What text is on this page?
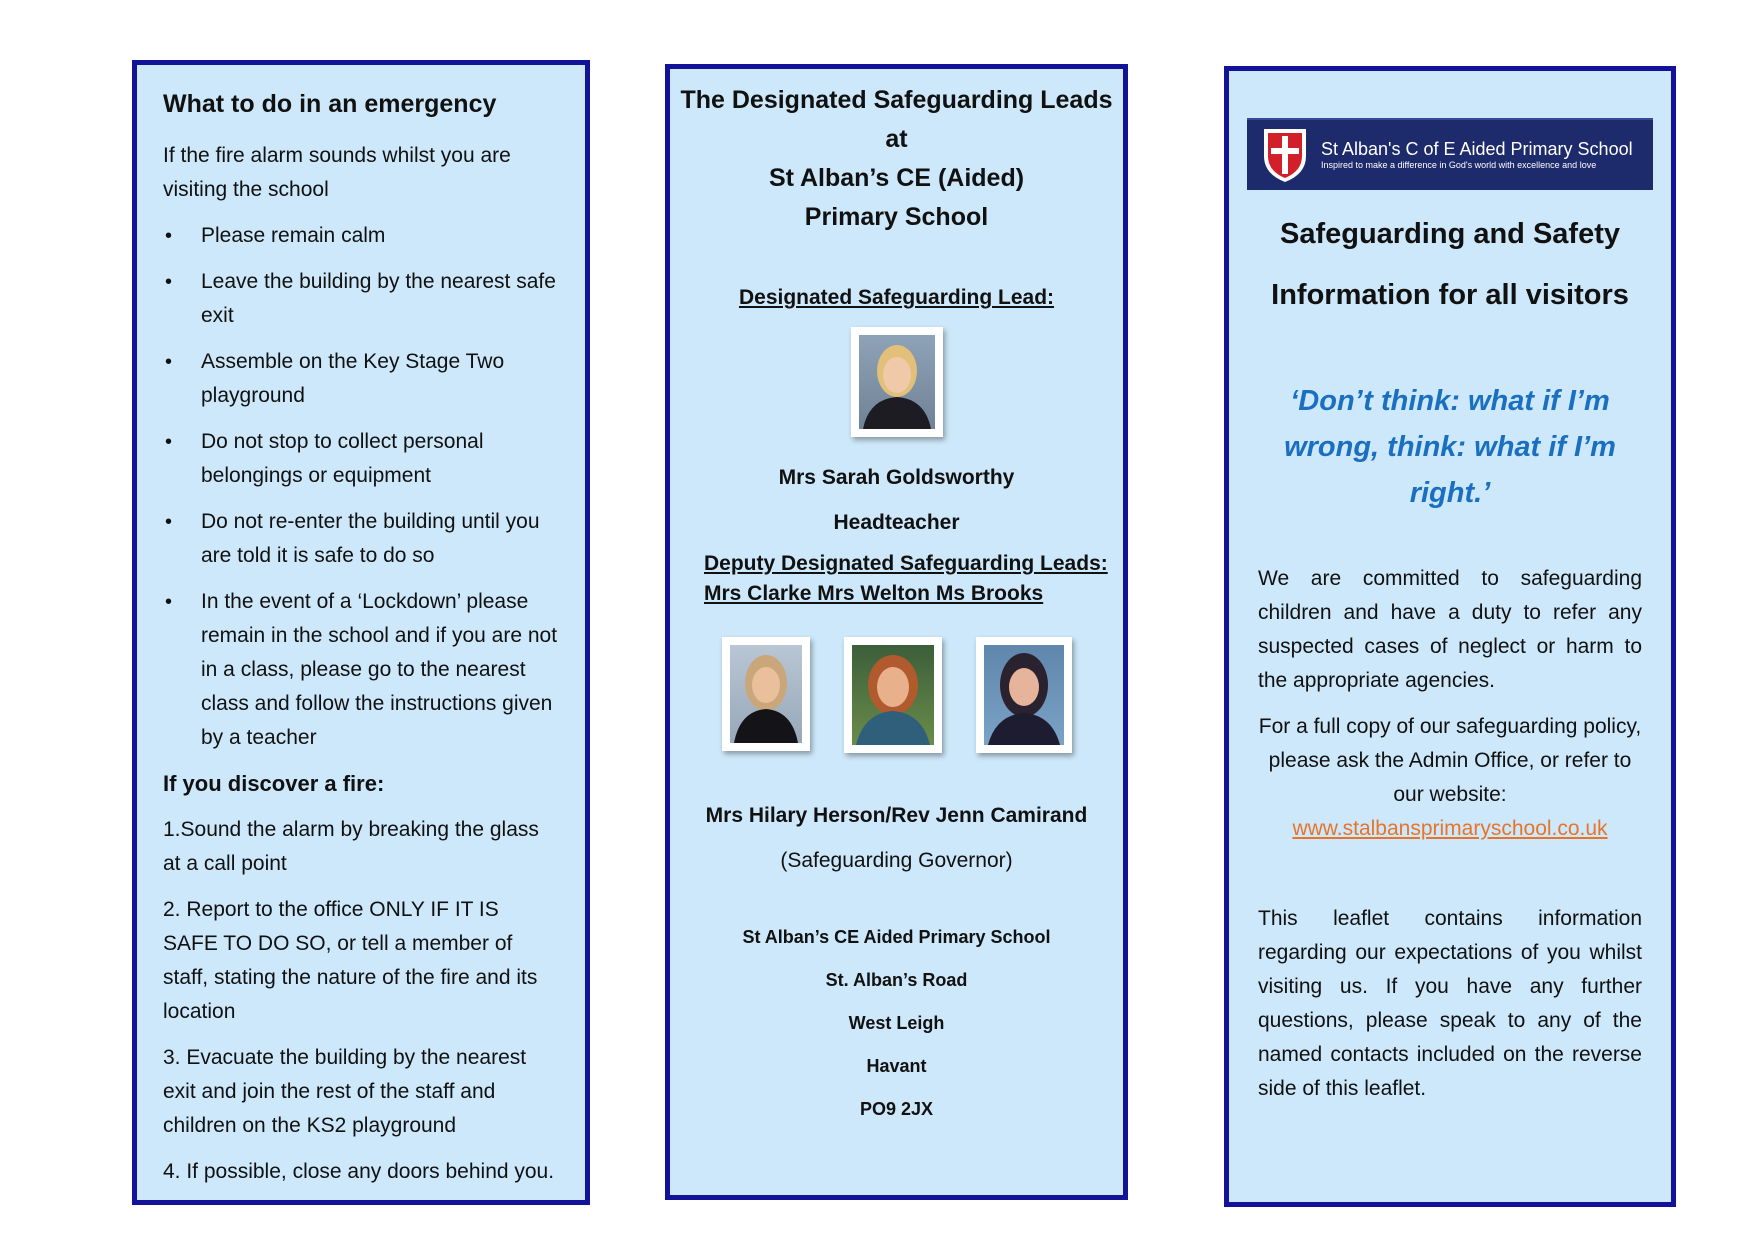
What to do in an emergency

If the fire alarm sounds whilst you are visiting the school

• Please remain calm
• Leave the building by the nearest safe exit
• Assemble on the Key Stage Two playground
• Do not stop to collect personal belongings or equipment
• Do not re-enter the building until you are told it is safe to do so
• In the event of a ‘Lockdown’ please remain in the school and if you are not in a class, please go to the nearest class and follow the instructions given by a teacher
If you discover a fire:

1.Sound the alarm by breaking the glass at a call point

2. Report to the office ONLY IF IT IS SAFE TO DO SO, or tell a member of staff, stating the nature of the fire and its location

3. Evacuate the building by the nearest exit and join the rest of the staff and children on the KS2 playground

4. If possible, close any doors behind you.

The Designated Safeguarding Leads
at
St Alban’s CE (Aided)
Primary School
Designated Safeguarding Lead:
Mrs Sarah Goldsworthy
Headteacher
Deputy Designated Safeguarding Leads:
Mrs Clarke Mrs Welton Ms Brooks
Mrs Hilary Herson/Rev Jenn Camirand
(Safeguarding Governor)
St Alban’s CE Aided Primary School
St. Alban’s Road
West Leigh
Havant
PO9 2JX
St Alban's C of E Aided Primary School
Inspired to make a difference in God's world with excellence and love
Safeguarding and Safety
Information for all visitors
‘Don’t think: what if I’m wrong, think: what if I’m right.’

We are committed to safeguarding children and have a duty to refer any suspected cases of neglect or harm to the appropriate agencies.

For a full copy of our safeguarding policy, please ask the Admin Office, or refer to our website:
www.stalbansprimaryschool.co.uk

This leaflet contains information regarding our expectations of you whilst visiting us. If you have any further questions, please speak to any of the named contacts included on the reverse side of this leaflet.
